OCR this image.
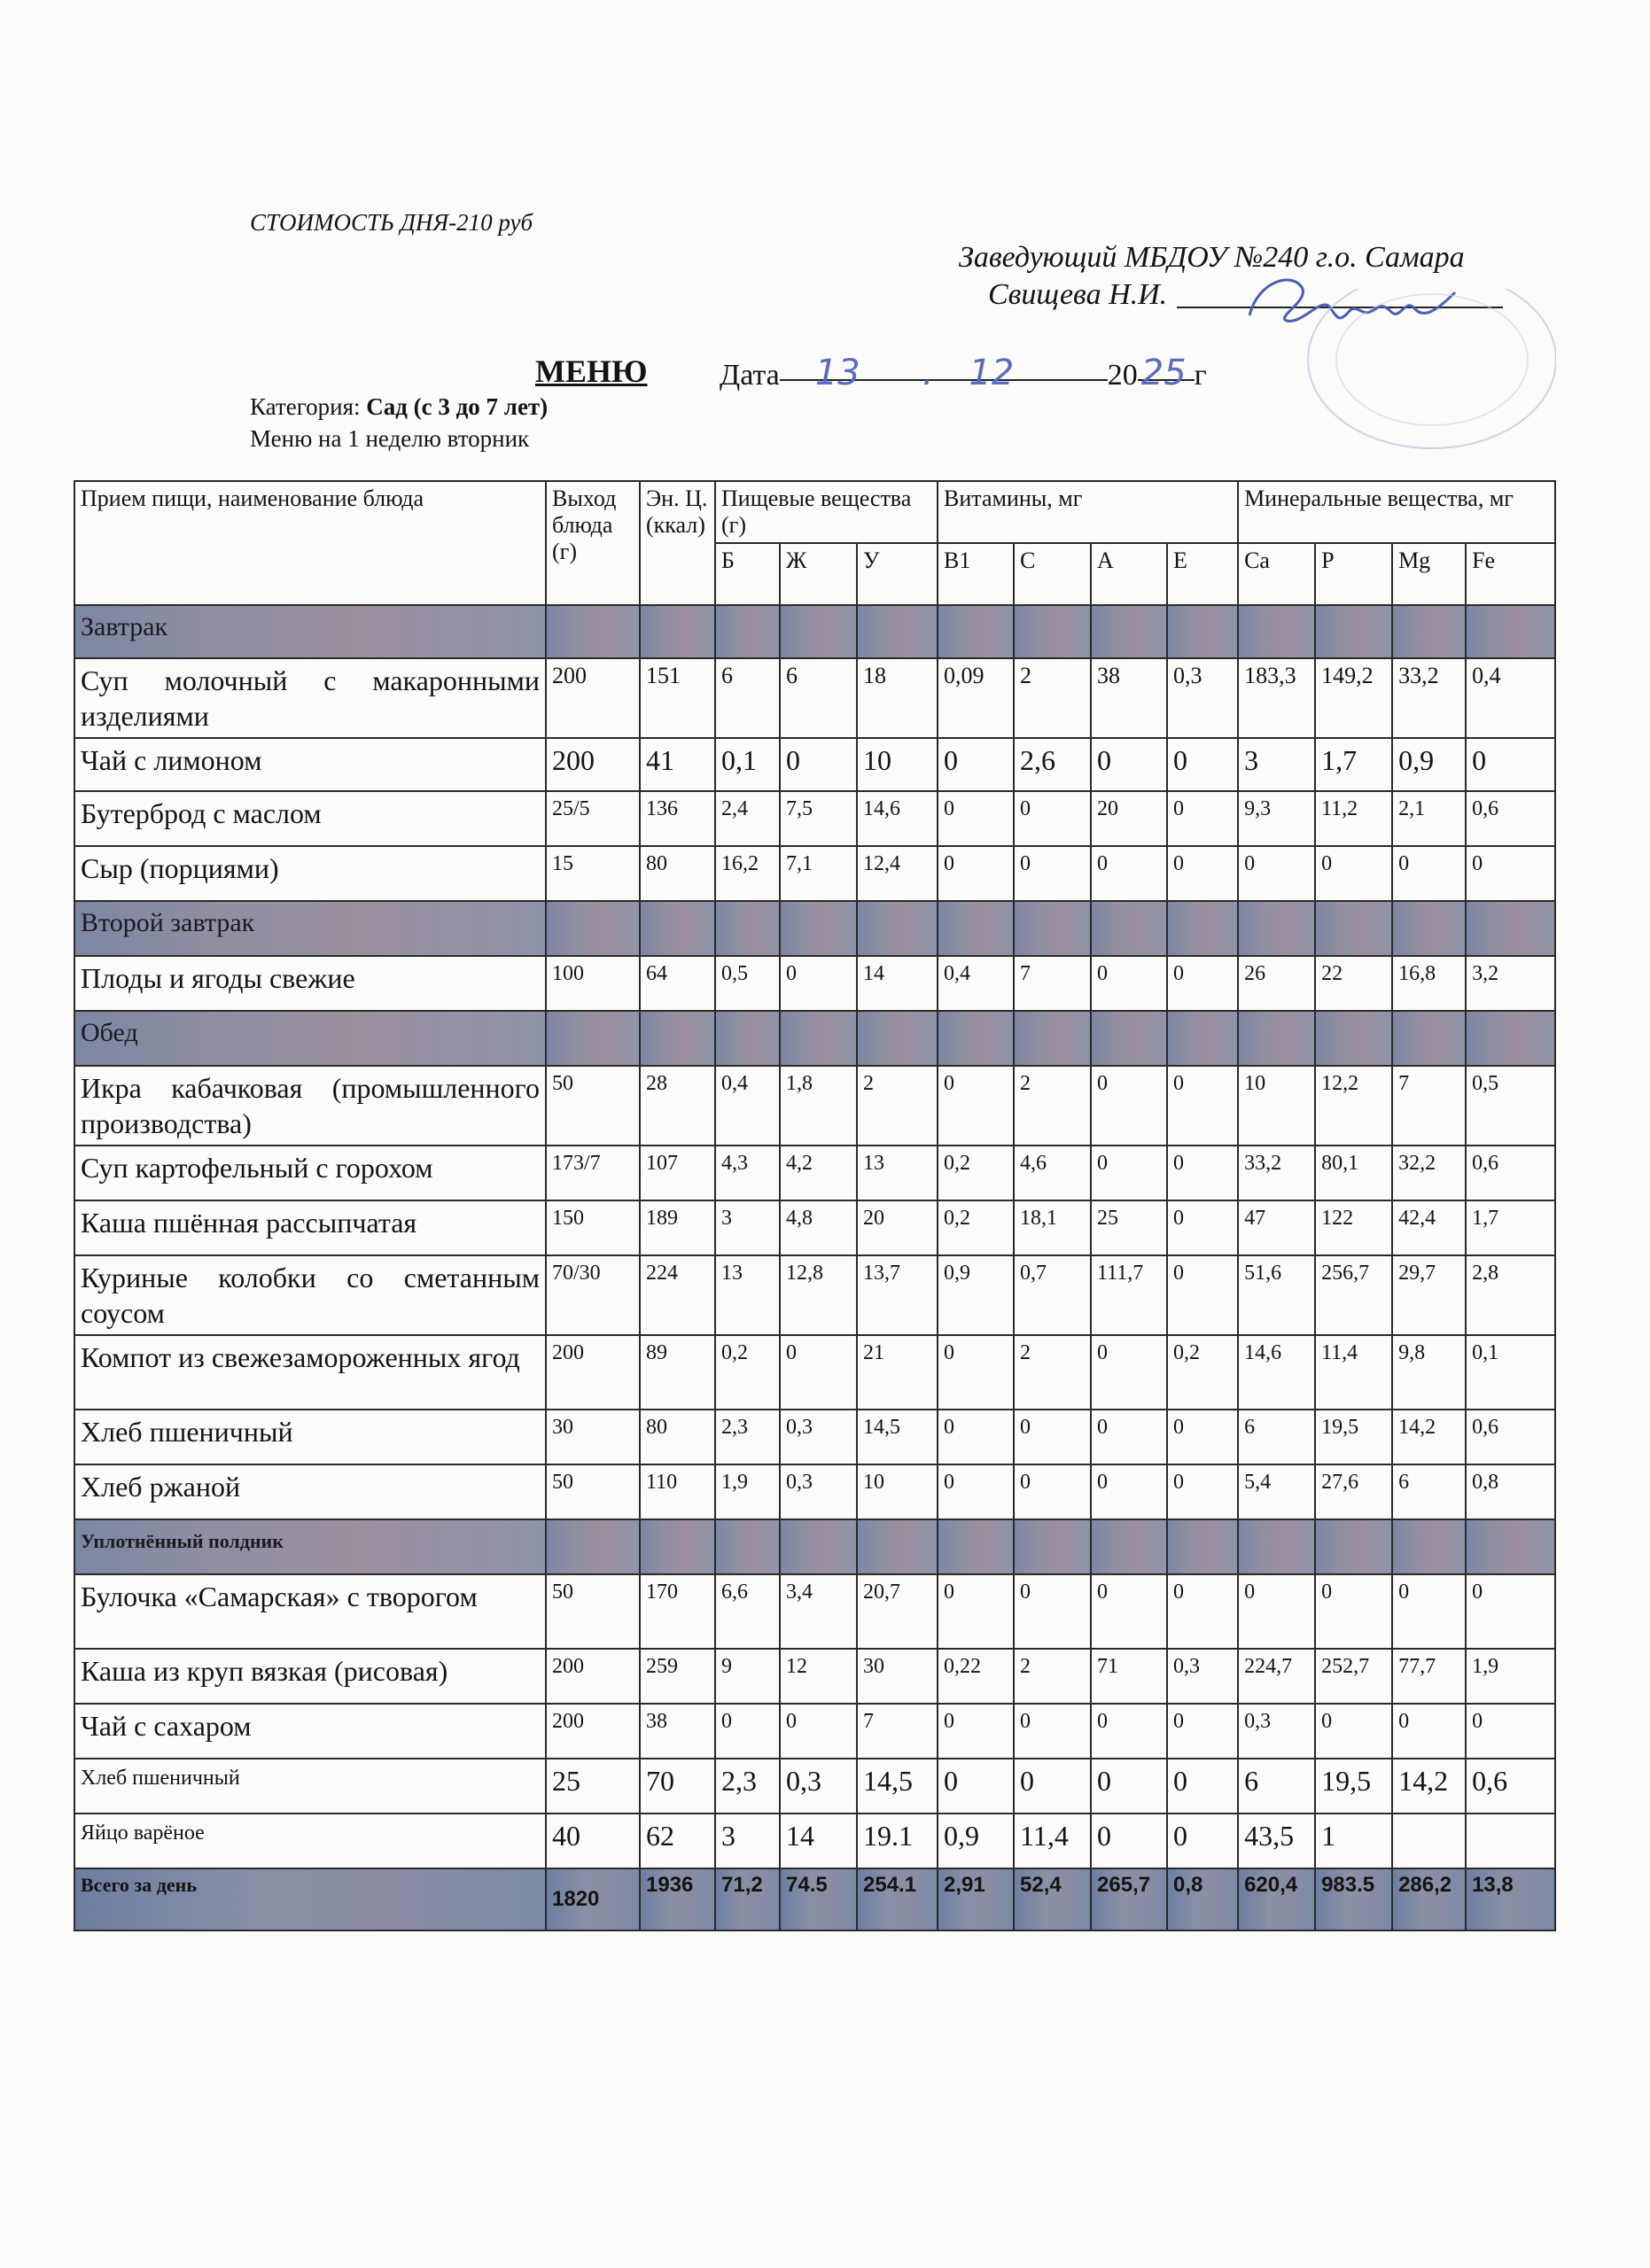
СТОИМОСТЬ ДНЯ-210 руб
Заведующий МБДОУ №240 г.о. Самара
Свищева Н.И.
МЕНЮ Дата 13 . 12	20 25 г
Категория: Сад (с 3 до 7 лет)
Меню на 1 неделю вторник
Прием пищи, наименование блюда	Выход блюда (г)	Эн. Ц. (ккал)	Пищевые вещества (г)			Витамины, мг				Минеральные вещества, мг			
			Б	Ж	У	В1	С	А	Е	Ca	P	Mg	Fe
Завтрак													
Суп молочный с макаронными изделиями	200	151	6	6	18	0,09	2	38	0,3	183,3	149,2	33,2	0,4
Чай с лимоном	200	41	0,1	0	10	0	2,6	0	0	3	1,7	0,9	0
Бутерброд с маслом	25/5	136	2,4	7,5	14,6	0	0	20	0	9,3	11,2	2,1	0,6
Сыр (порциями)	15	80	16,2	7,1	12,4	0	0	0	0	0	0	0	0
Второй завтрак													
Плоды и ягоды свежие	100	64	0,5	0	14	0,4	7	0	0	26	22	16,8	3,2
Обед													
Икра кабачковая (промышленного производства)	50	28	0,4	1,8	2	0	2	0	0	10	12,2	7	0,5
Суп картофельный с горохом	173/7	107	4,3	4,2	13	0,2	4,6	0	0	33,2	80,1	32,2	0,6
Каша пшённая рассыпчатая	150	189	3	4,8	20	0,2	18,1	25	0	47	122	42,4	1,7
Куриные колобки со сметанным соусом	70/30	224	13	12,8	13,7	0,9	0,7	111,7	0	51,6	256,7	29,7	2,8
Компот из свежезамороженных ягод	200	89	0,2	0	21	0	2	0	0,2	14,6	11,4	9,8	0,1
Хлеб пшеничный	30	80	2,3	0,3	14,5	0	0	0	0	6	19,5	14,2	0,6
Хлеб ржаной	50	110	1,9	0,3	10	0	0	0	0	5,4	27,6	6	0,8
Уплотнённый полдник													
Булочка «Самарская» с творогом	50	170	6,6	3,4	20,7	0	0	0	0	0	0	0	0
Каша из круп вязкая (рисовая)	200	259	9	12	30	0,22	2	71	0,3	224,7	252,7	77,7	1,9
Чай с сахаром	200	38	0	0	7	0	0	0	0	0,3	0	0	0
Хлеб пшеничный	25	70	2,3	0,3	14,5	0	0	0	0	6	19,5	14,2	0,6
Яйцо варёное	40	62	3	14	19.1	0,9	11,4	0	0	43,5	1		
Всего за день	1820	1936	71,2	74.5	254.1	2,91	52,4	265,7	0,8	620,4	983.5	286,2	13,8
